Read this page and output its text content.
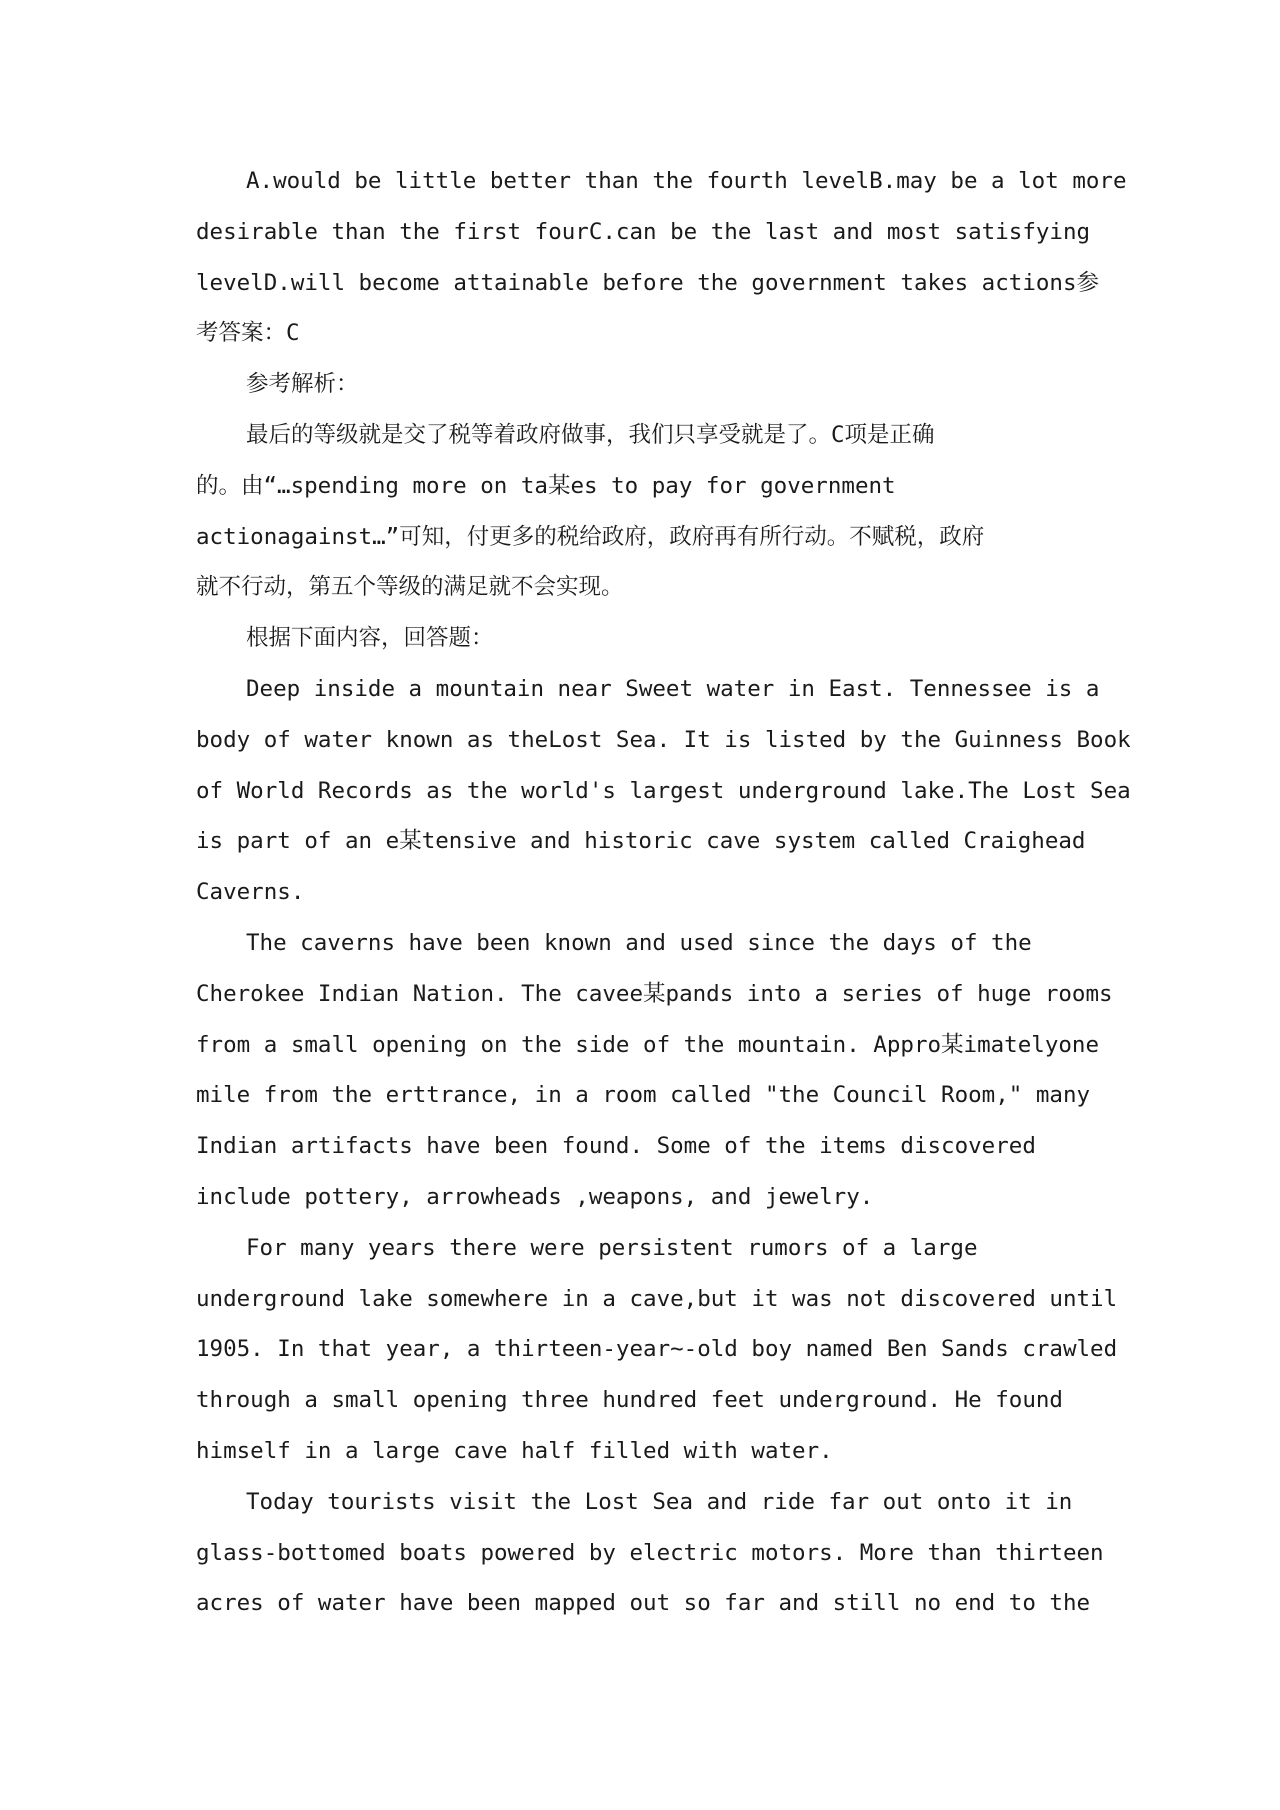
A.would be little better than the fourth levelB.may be a lot more
desirable than the first fourC.can be the last and most satisfying
levelD.will become attainable before the government takes actions参
考答案：C
参考解析：
最后的等级就是交了税等着政府做事，我们只享受就是了。C项是正确
的。由“…spending more on ta某es to pay for government
actionagainst…”可知，付更多的税给政府，政府再有所行动。不赋税，政府
就不行动，第五个等级的满足就不会实现。
根据下面内容，回答题：
Deep inside a mountain near Sweet water in East. Tennessee is a
body of water known as theLost Sea. It is listed by the Guinness Book
of World Records as the world's largest underground lake.The Lost Sea
is part of an e某tensive and historic cave system called Craighead
Caverns.
The caverns have been known and used since the days of the
Cherokee Indian Nation. The cavee某pands into a series of huge rooms
from a small opening on the side of the mountain. Appro某imatelyone
mile from the erttrance, in a room called "the Council Room," many
Indian artifacts have been found. Some of the items discovered
include pottery, arrowheads ,weapons, and jewelry.
For many years there were persistent rumors of a large
underground lake somewhere in a cave,but it was not discovered until
1905. In that year, a thirteen-year~-old boy named Ben Sands crawled
through a small opening three hundred feet underground. He found
himself in a large cave half filled with water.
Today tourists visit the Lost Sea and ride far out onto it in
glass-bottomed boats powered by electric motors. More than thirteen
acres of water have been mapped out so far and still no end to the
